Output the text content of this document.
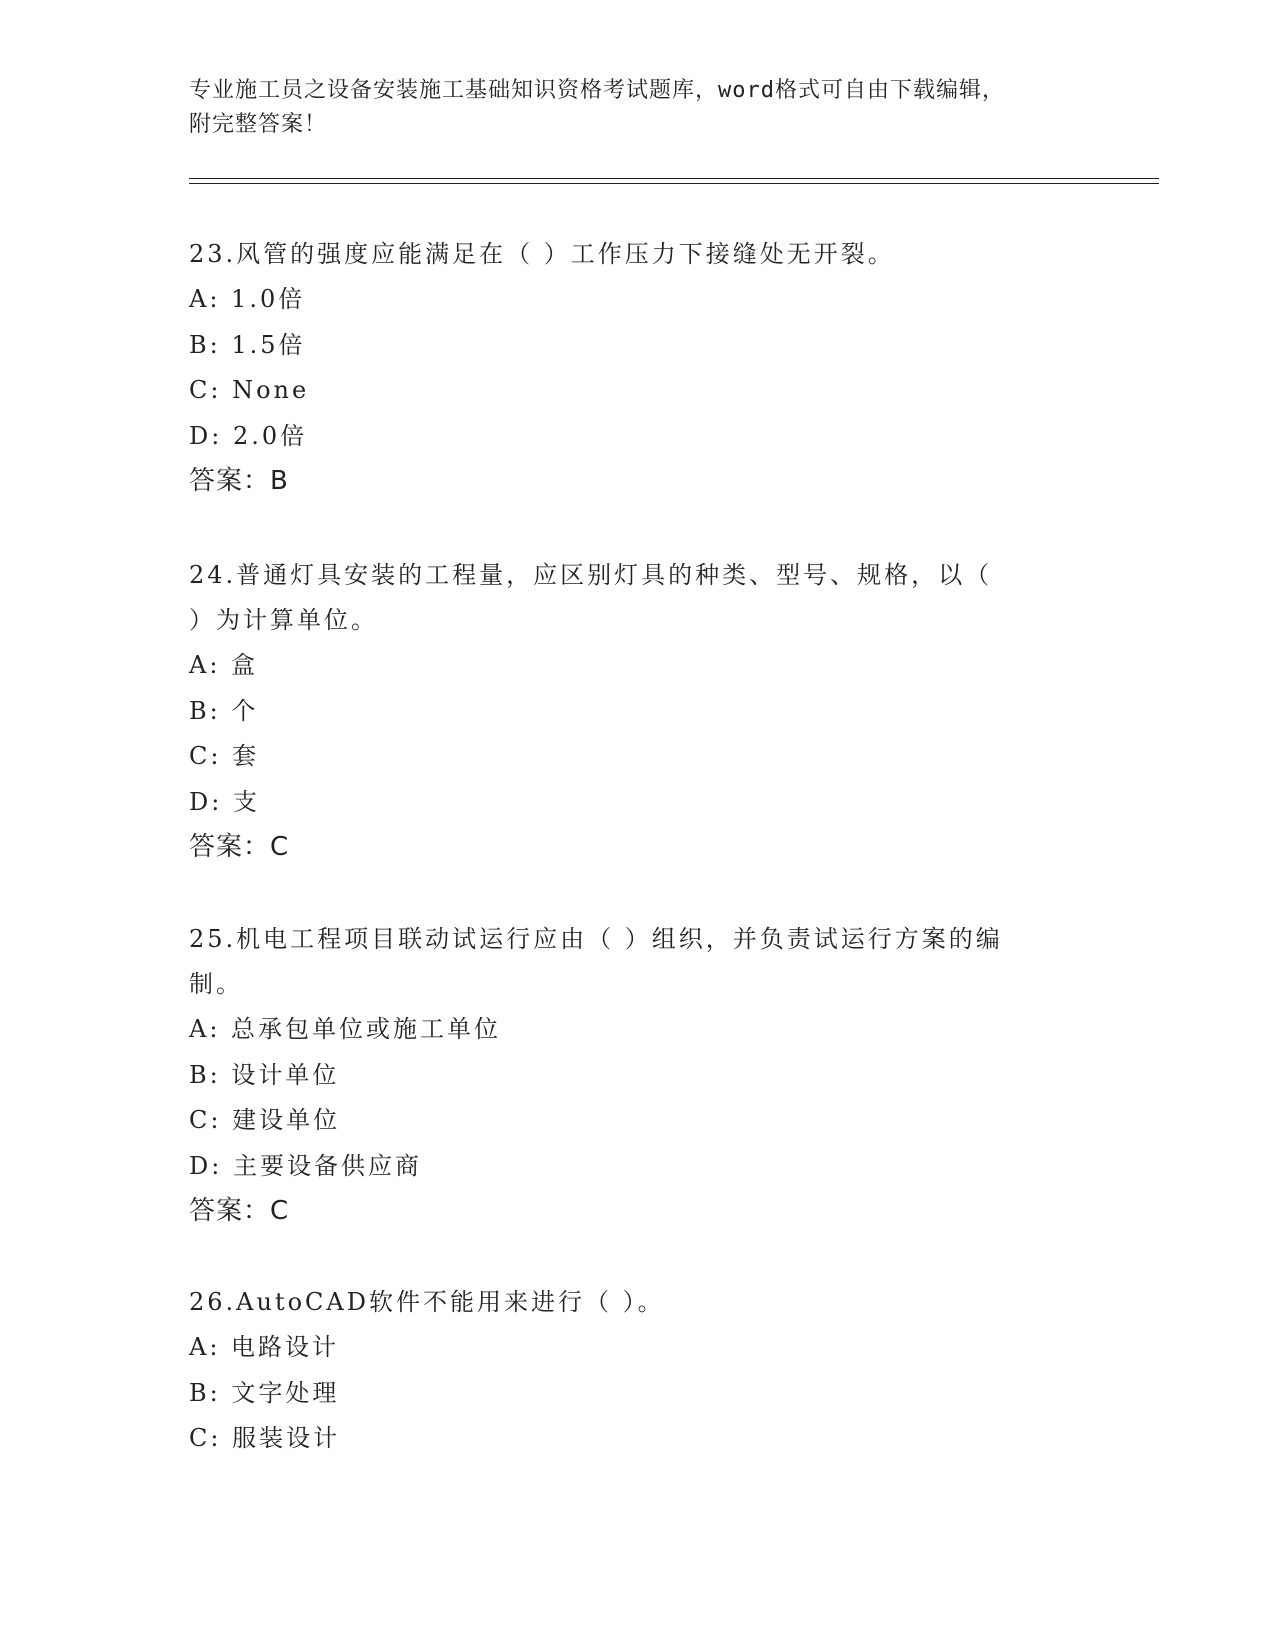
专业施工员之设备安装施工基础知识资格考试题库，word格式可自由下载编辑，
附完整答案！
23.风管的强度应能满足在（ ）工作压力下接缝处无开裂。
A: 1.0倍
B: 1.5倍
C: None
D: 2.0倍
答案：B
24.普通灯具安装的工程量，应区别灯具的种类、型号、规格，以（
）为计算单位。
A: 盒
B: 个
C: 套
D: 支
答案：C
25.机电工程项目联动试运行应由（ ）组织，并负责试运行方案的编
制。
A: 总承包单位或施工单位
B: 设计单位
C: 建设单位
D: 主要设备供应商
答案：C
26.AutoCAD软件不能用来进行（ ）。
A: 电路设计
B: 文字处理
C: 服装设计
